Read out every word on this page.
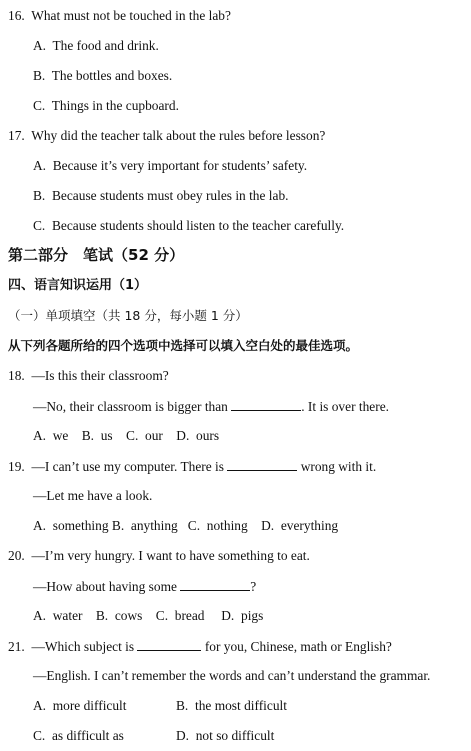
16. What must not be touched in the lab?
A. The food and drink.
B. The bottles and boxes.
C. Things in the cupboard.
17. Why did the teacher talk about the rules before lesson?
A. Because it’s very important for students’ safety.
B. Because students must obey rules in the lab.
C. Because students should listen to the teacher carefully.
第二部分　笔试（52 分）
四、语言知识运用（1）
（一）单项填空（共 18 分，每小题 1 分）
从下列各题所给的四个选项中选择可以填入空白处的最佳选项。
18. —Is this their classroom?
—No, their classroom is bigger than	. It is over there.
A. we B. us C. our D. ours
19. —I can’t use my computer. There is	wrong with it.
—Let me have a look.
A. something B. anything C. nothing D. everything
20. —I’m very hungry. I want to have something to eat.
—How about having some	?
A. water B. cows C. bread D. pigs
21. —Which subject is	for you, Chinese, math or English?
—English. I can’t remember the words and can’t understand the grammar.
A. more difficult	B. the most difficult
C. as difficult as	D. not so difficult
